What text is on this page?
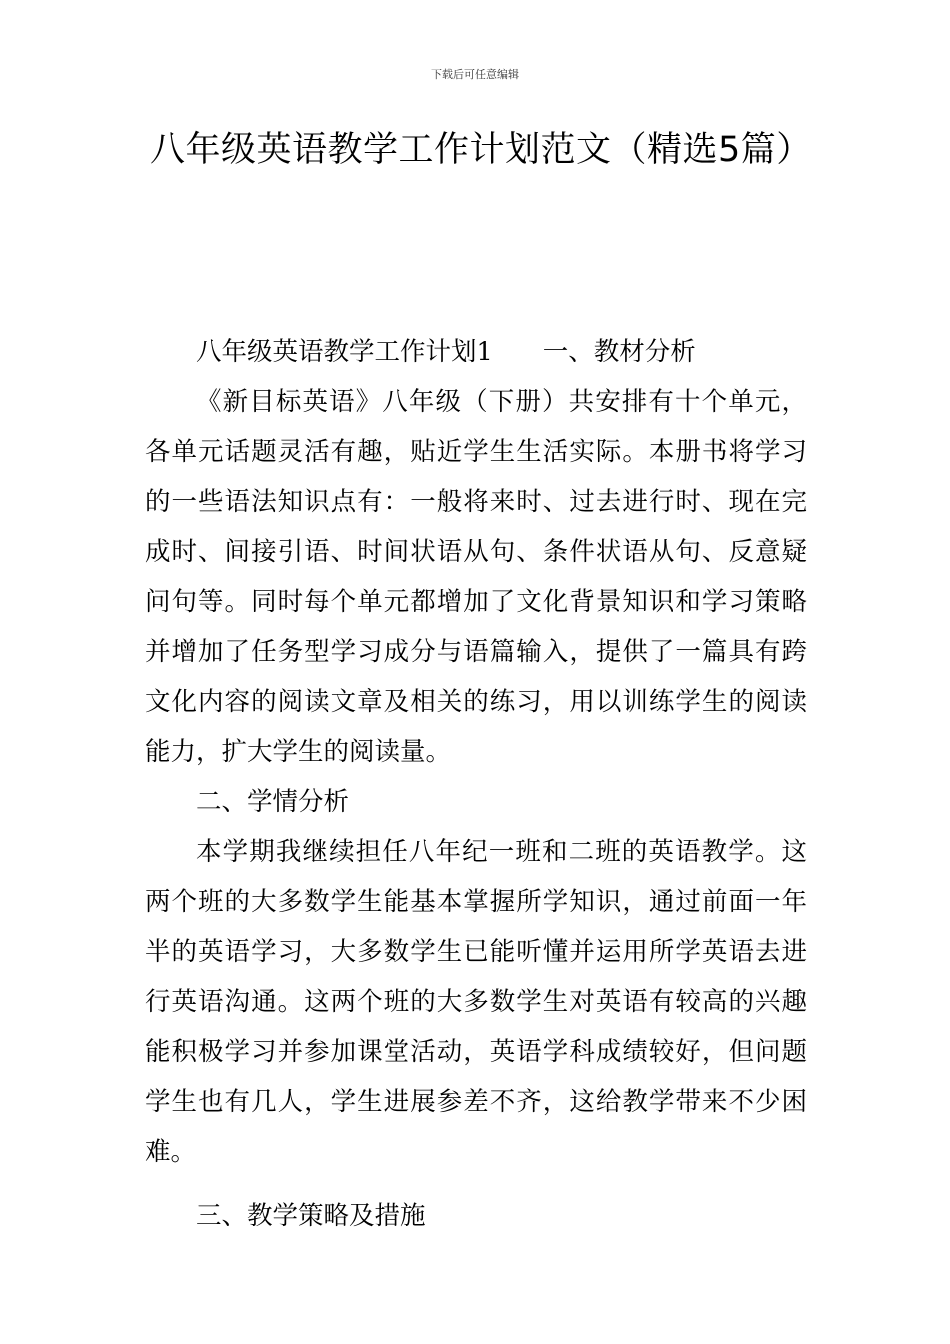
下载后可任意编辑

八年级英语教学工作计划范文（精选5篇）

八年级英语教学工作计划1 一、教材分析

《新目标英语》八年级（下册）共安排有十个单元，各单元话题灵活有趣，贴近学生生活实际。本册书将学习的一些语法知识点有：一般将来时、过去进行时、现在完成时、间接引语、时间状语从句、条件状语从句、反意疑问句等。同时每个单元都增加了文化背景知识和学习策略并增加了任务型学习成分与语篇输入，提供了一篇具有跨文化内容的阅读文章及相关的练习，用以训练学生的阅读能力，扩大学生的阅读量。

二、学情分析

本学期我继续担任八年纪一班和二班的英语教学。这两个班的大多数学生能基本掌握所学知识，通过前面一年半的英语学习，大多数学生已能听懂并运用所学英语去进行英语沟通。这两个班的大多数学生对英语有较高的兴趣能积极学习并参加课堂活动，英语学科成绩较好，但问题学生也有几人，学生进展参差不齐，这给教学带来不少困难。

三、教学策略及措施
